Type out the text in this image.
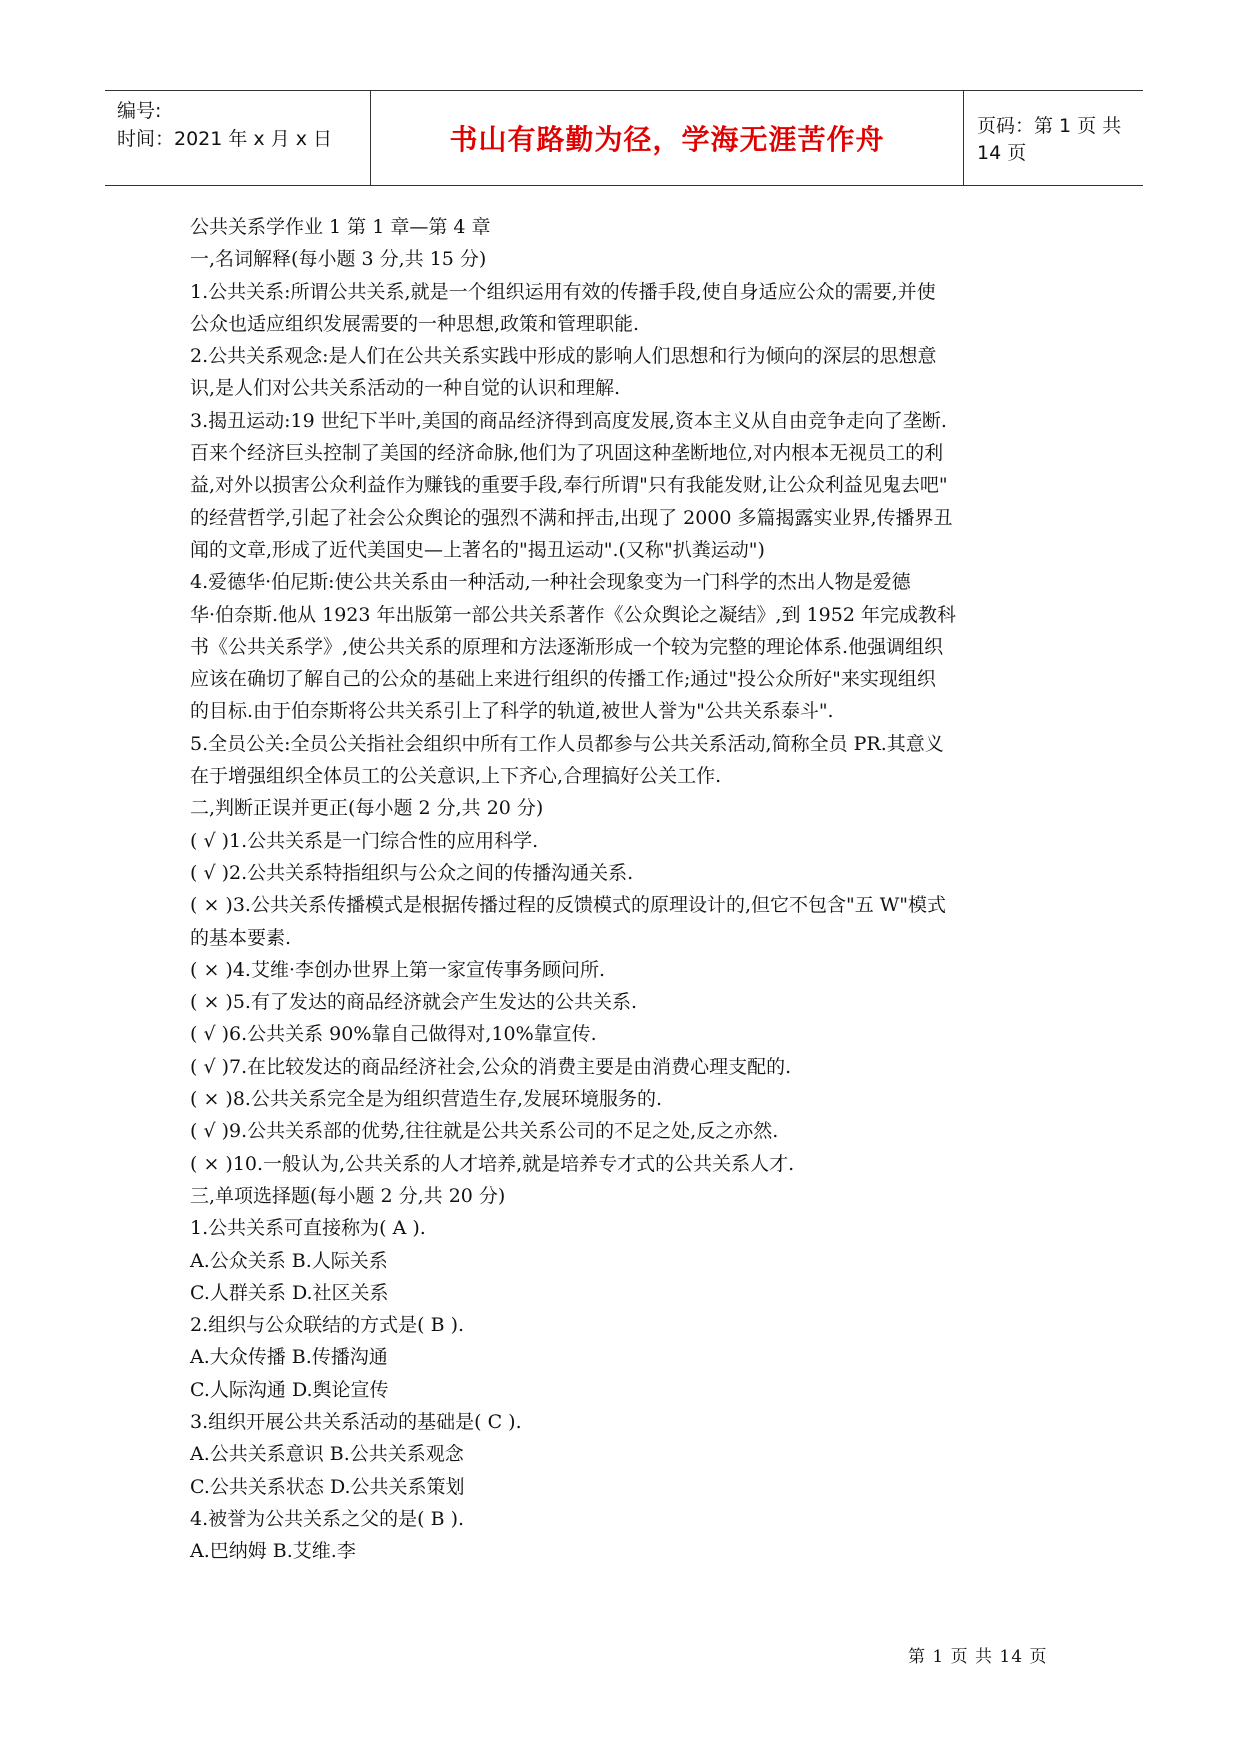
编号:
时间：2021 年 x 月 x 日	书山有路勤为径，学海无涯苦作舟	页码：第 1 页 共 14 页

公共关系学作业 1 第 1 章—第 4 章

一,名词解释(每小题 3 分,共 15 分)

1.公共关系:所谓公共关系,就是一个组织运用有效的传播手段,使自身适应公众的需要,并使

公众也适应组织发展需要的一种思想,政策和管理职能.

2.公共关系观念:是人们在公共关系实践中形成的影响人们思想和行为倾向的深层的思想意

识,是人们对公共关系活动的一种自觉的认识和理解.

3.揭丑运动:19 世纪下半叶,美国的商品经济得到高度发展,资本主义从自由竞争走向了垄断.

百来个经济巨头控制了美国的经济命脉,他们为了巩固这种垄断地位,对内根本无视员工的利

益,对外以损害公众利益作为赚钱的重要手段,奉行所谓"只有我能发财,让公众利益见鬼去吧"

的经营哲学,引起了社会公众舆论的强烈不满和抨击,出现了 2000 多篇揭露实业界,传播界丑

闻的文章,形成了近代美国史—上著名的"揭丑运动".(又称"扒粪运动")

4.爱德华·伯尼斯:使公共关系由一种活动,一种社会现象变为一门科学的杰出人物是爱德

华·伯奈斯.他从 1923 年出版第一部公共关系著作《公众舆论之凝结》,到 1952 年完成教科

书《公共关系学》,使公共关系的原理和方法逐渐形成一个较为完整的理论体系.他强调组织

应该在确切了解自己的公众的基础上来进行组织的传播工作;通过"投公众所好"来实现组织

的目标.由于伯奈斯将公共关系引上了科学的轨道,被世人誉为"公共关系泰斗".

5.全员公关:全员公关指社会组织中所有工作人员都参与公共关系活动,简称全员 PR.其意义

在于增强组织全体员工的公关意识,上下齐心,合理搞好公关工作.

二,判断正误并更正(每小题 2 分,共 20 分)

( √ )1.公共关系是一门综合性的应用科学.

( √ )2.公共关系特指组织与公众之间的传播沟通关系.

( × )3.公共关系传播模式是根据传播过程的反馈模式的原理设计的,但它不包含"五 W"模式

的基本要素.

( × )4.艾维·李创办世界上第一家宣传事务顾问所.

( × )5.有了发达的商品经济就会产生发达的公共关系.

( √ )6.公共关系 90%靠自己做得对,10%靠宣传.

( √ )7.在比较发达的商品经济社会,公众的消费主要是由消费心理支配的.

( × )8.公共关系完全是为组织营造生存,发展环境服务的.

( √ )9.公共关系部的优势,往往就是公共关系公司的不足之处,反之亦然.

( × )10.一般认为,公共关系的人才培养,就是培养专才式的公共关系人才.

三,单项选择题(每小题 2 分,共 20 分)

1.公共关系可直接称为( A ).

A.公众关系 B.人际关系

C.人群关系 D.社区关系

2.组织与公众联结的方式是( B ).

A.大众传播 B.传播沟通

C.人际沟通 D.舆论宣传

3.组织开展公共关系活动的基础是( C ).

A.公共关系意识 B.公共关系观念

C.公共关系状态 D.公共关系策划

4.被誉为公共关系之父的是( B ).

A.巴纳姆 B.艾维.李

第 1 页 共 14 页
